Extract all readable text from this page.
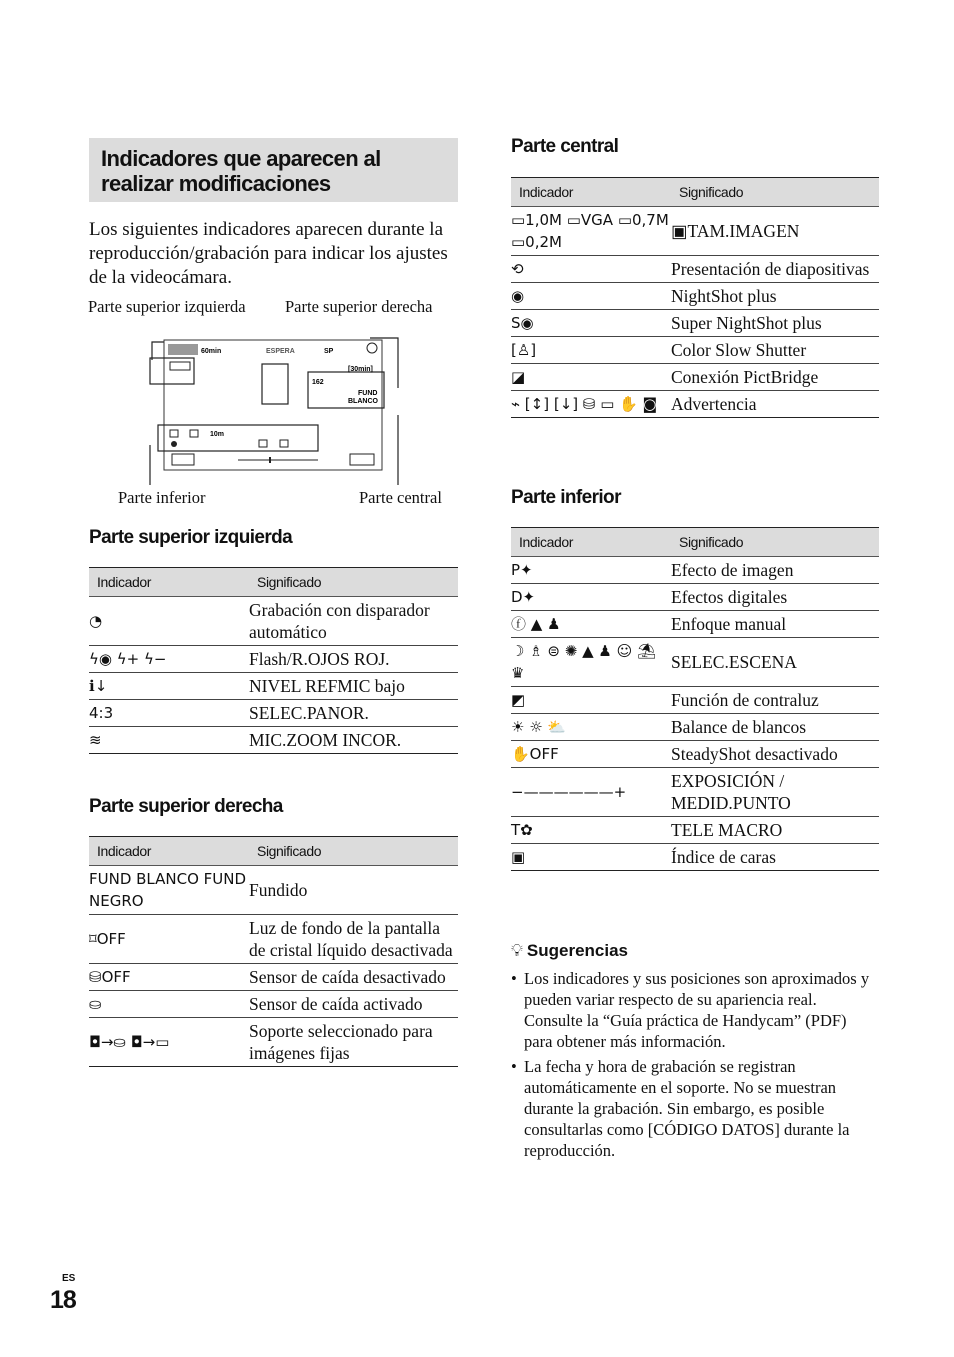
Indicadores que aparecen al realizar modificaciones
Los siguientes indicadores aparecen durante la reproducción/grabación para indicar los ajustes de la videocámara.
Parte superior izquierda Parte superior derecha
Parte inferior	Parte central
60min	ESPERA	SP
[30min]
162
FUND
BLANCO
10m
Parte superior izquierda
Indicador	Significado
◔	Grabación con disparador automático
ϟ◉ ϟ+ ϟ−	Flash/R.OJOS ROJ.
ℹ↓	NIVEL REFMIC bajo
4:3	SELEC.PANOR.
≋	MIC.ZOOM INCOR.
Parte superior derecha
Indicador	Significado
FUND BLANCO FUND NEGRO	Fundido
⌑OFF	Luz de fondo de la pantalla de cristal líquido desactivada
⛁OFF	Sensor de caída desactivado
⛀	Sensor de caída activado
◘→⛀ ◘→▭	Soporte seleccionado para imágenes fijas
Parte central
Indicador	Significado
▭1,0M ▭VGA ▭0,7M ▭0,2M	▣TAM.IMAGEN
⟲	Presentación de diapositivas
◉	NightShot plus
S◉	Super NightShot plus
[♙]	Color Slow Shutter
◪	Conexión PictBridge
⌁ [↕] [↓] ⛁ ▭ ✋ ◙	Advertencia
Parte inferior
Indicador	Significado
P✦	Efecto de imagen
D✦	Efectos digitales
ⓕ ▲ ♟	Enfoque manual
☽ ♗ ⊜ ✺ ▲ ♟ ☺ ⛱ ♛	SELEC.ESCENA
◩	Función de contraluz
☀ ☼ ⛅	Balance de blancos
✋OFF	SteadyShot desactivado
−——————+	EXPOSICIÓN / MEDID.PUNTO
T✿	TELE MACRO
▣	Índice de caras
💡︎ Sugerencias
• Los indicadores y sus posiciones son aproximados y pueden variar respecto de su apariencia real. Consulte la “Guía práctica de Handycam” (PDF) para obtener más información.
• La fecha y hora de grabación se registran automáticamente en el soporte. No se muestran durante la grabación. Sin embargo, es posible consultarlas como [CÓDIGO DATOS] durante la reproducción.
ES
18
